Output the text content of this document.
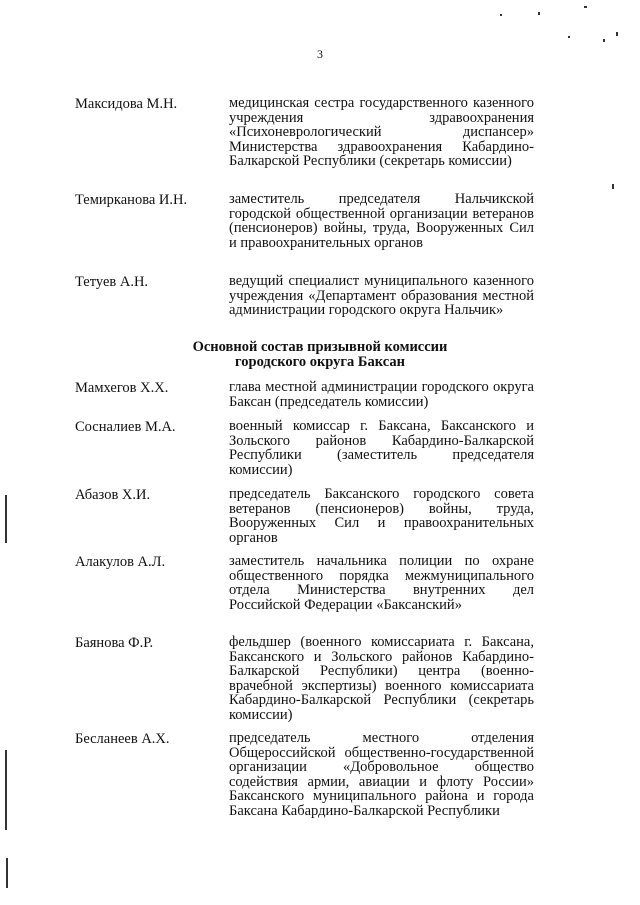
3
Максидова М.Н.	медицинская сестра государственного казенного учреждения здравоохранения «Психоневрологический диспансер» Министерства здравоохранения Кабардино-Балкарской Республики (секретарь комиссии)
Темирканова И.Н.	заместитель председателя Нальчикской городской общественной организации ветеранов (пенсионеров) войны, труда, Вооруженных Сил и правоохранительных органов
Тетуев А.Н.	ведущий специалист муниципального казенного учреждения «Департамент образования местной администрации городского округа Нальчик»
Основной состав призывной комиссии
городского округа Баксан
Мамхегов Х.Х.	глава местной администрации городского округа Баксан (председатель комиссии)
Сосналиев М.А.	военный комиссар г. Баксана, Баксанского и Зольского районов Кабардино-Балкарской Республики (заместитель председателя комиссии)
Абазов Х.И.	председатель Баксанского городского совета ветеранов (пенсионеров) войны, труда, Вооруженных Сил и правоохранительных органов
Алакулов А.Л.	заместитель начальника полиции по охране общественного порядка межмуниципального отдела Министерства внутренних дел Российской Федерации «Баксанский»
Баянова Ф.Р.	фельдшер (военного комиссариата г. Баксана, Баксанского и Зольского районов Кабардино-Балкарской Республики) центра (военно-врачебной экспертизы) военного комиссариата Кабардино-Балкарской Республики (секретарь комиссии)
Бесланеев А.Х.	председатель местного отделения Общероссийской общественно-государственной организации «Добровольное общество содействия армии, авиации и флоту России» Баксанского муниципального района и города Баксана Кабардино-Балкарской Республики
